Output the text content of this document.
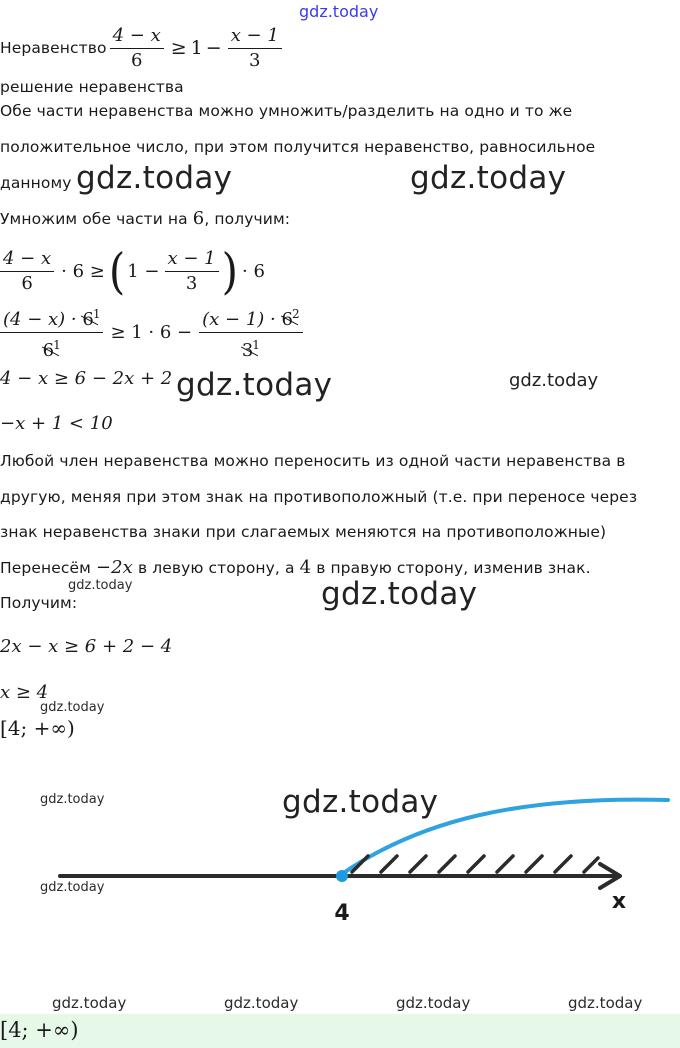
gdz.today
Неравенство $\frac{4 - x}{6} \ge 1 - \frac{x - 1}{3}$
решение неравенства
Обе части неравенства можно умножить/разделить на одно и то же
положительное число, при этом получится неравенство, равносильное
данному gdz.today	gdz.today
Умножим обе части на 6, получим:
$\frac{4 - x}{6} \cdot 6$ ≥ ( $1 - \frac{x - 1}{3}$ ) · 6
$\frac{(4 - x) \cdot 6^1}{6^1} \ge 1 \cdot 6 - \frac{(x - 1) \cdot 6^2}{3^1}$
4 − x ≥ 6 − 2x + 2 gdz.today	gdz.today
−x + 1 < 10
Любой член неравенства можно переносить из одной части неравенства в
другую, меняя при этом знак на противоположный (т.е. при переносе через
знак неравенства знаки при слагаемых меняются на противоположные)
Перенесём −2x в левую сторону, а 4 в правую сторону, изменив знак.
gdz.today
Получим:	gdz.today
2x − x ≥ 6 + 2 − 4
x ≥ 4
gdz.today
[4; +∞)
4	x
gdz.today
gdz.today
gdz.today
gdz.today	gdz.today	gdz.today	gdz.today
[4; +∞)
